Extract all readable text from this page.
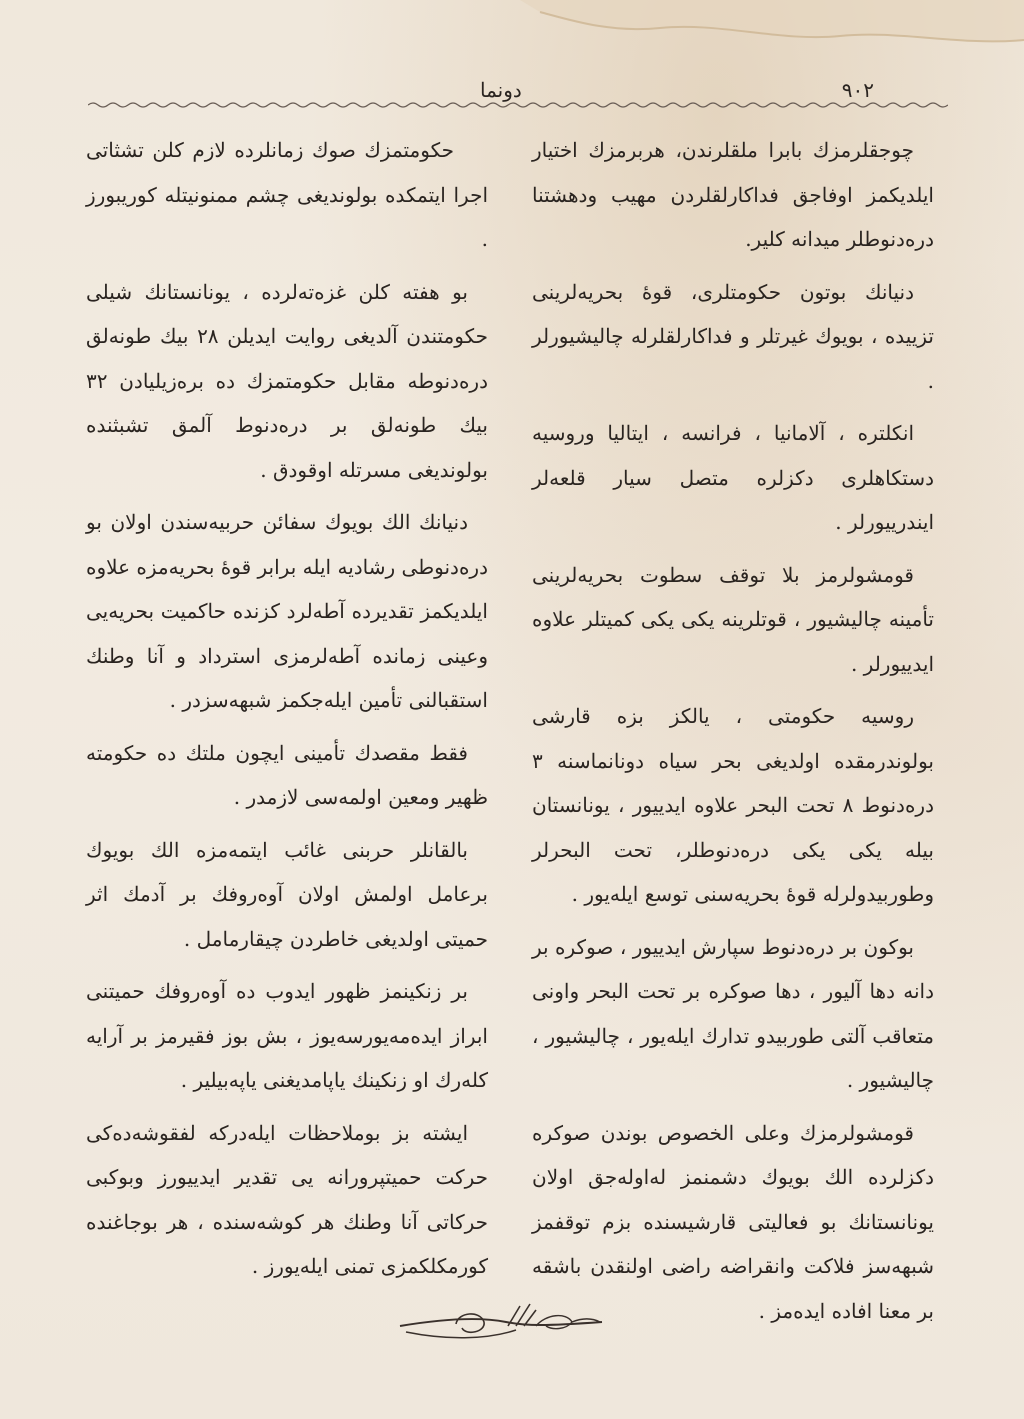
۹۰۲
دونما

چوجقلرمزك بابرا ملقلرندن، هربرمزك اختیار ایلدیکمز اوفاجق فداکارلقلردن مهیب ودهشتنا درەدنوطلر میدانه کلیر.

دنیانك بوتون حکومتلری، قوۀ بحریەلرینی تزییده ، بویوك غیرتلر و فداکارلقلرله چالیشیورلر .

انکلتره ، آلامانیا ، فرانسه ، ایتالیا وروسیه دستکاهلری دکزلره متصل سیار قلعەلر ایندرییورلر .

قومشولرمز بلا توقف سطوت بحریەلرینی تأمینه چالیشیور ، قوتلرینه یکی یکی کمیتلر علاوه ایدییورلر .

روسیه حکومتی ، یالکز بزه قارشی بولوندرمقده اولدیغی بحر سیاه دونانماسنه ۳ درەدنوط ۸ تحت البحر علاوه ایدییور ، یونانستان بیله یکی یکی درەدنوطلر، تحت البحرلر وطوربیدولرله قوۀ بحریەسنی توسع ایلەیور .

بوکون بر درەدنوط سپارش ایدییور ، صوکره بر دانه دها آلیور ، دها صوکره بر تحت البحر واونی متعاقب آلتی طوربیدو تدارك ایلەیور ، چالیشیور ، چالیشیور .

قومشولرمزك وعلی الخصوص بوندن صوکره دکزلرده الك بویوك دشمنمز لەاولەجق اولان یونانستانك بو فعالیتی قارشیسنده بزم توقفمز شبهەسز فلاکت وانقراضه راضی اولنقدن باشقه بر معنا افاده ایدەمز .

حکومتمزك صوك زمانلرده لازم کلن تشثاتی اجرا ایتمکده بولوندیغی چشم ممنونیتله کوریبورز .

بو هفته کلن غزەتەلرده ، یونانستانك شیلی حکومتندن آلدیغی روایت ایدیلن ۲۸ بیك طونەلق درەدنوطه مقابل حکومتمزك ده برەزیلیادن ۳۲ بیك طونەلق بر درەدنوط آلمق تشبثنده بولوندیغی مسرتله اوقودق .

دنیانك الك بویوك سفائن حربیەسندن اولان بو درەدنوطی رشادیه ایله برابر قوۀ بحریەمزه علاوه ایلدیکمز تقدیرده آطەلرد کزنده حاکمیت بحریەیی وعینی زمانده آطەلرمزی استرداد و آنا وطنك استقبالنی تأمین ایلەجکمز شبهەسزدر .

فقط مقصدك تأمینی ایچون ملتك ده حکومته ظهیر ومعین اولمەسی لازمدر .

بالقانلر حربنی غائب ایتمەمزه الك بویوك برعامل اولمش اولان آوەروفك بر آدمك اثر حمیتی اولدیغی خاطردن چیقارمامل .

بر زنکینمز ظهور ایدوب ده آوەروفك حمیتنی ابراز ایدەمەیورسەیوز ، بش بوز فقیرمز بر آرایه کلەرك او زنکینك یاپامدیغنی یاپەبیلیر .

ایشته بز بوملاحظات ایلەدرکه لفقوشەدەکی حرکت حمیتپرورانه یی تقدیر ایدییورز وبوکبی حرکاتی آنا وطنك هر کوشەسندە ، هر بوجاغنده کورمکلکمزی تمنی ایلەیورز .
